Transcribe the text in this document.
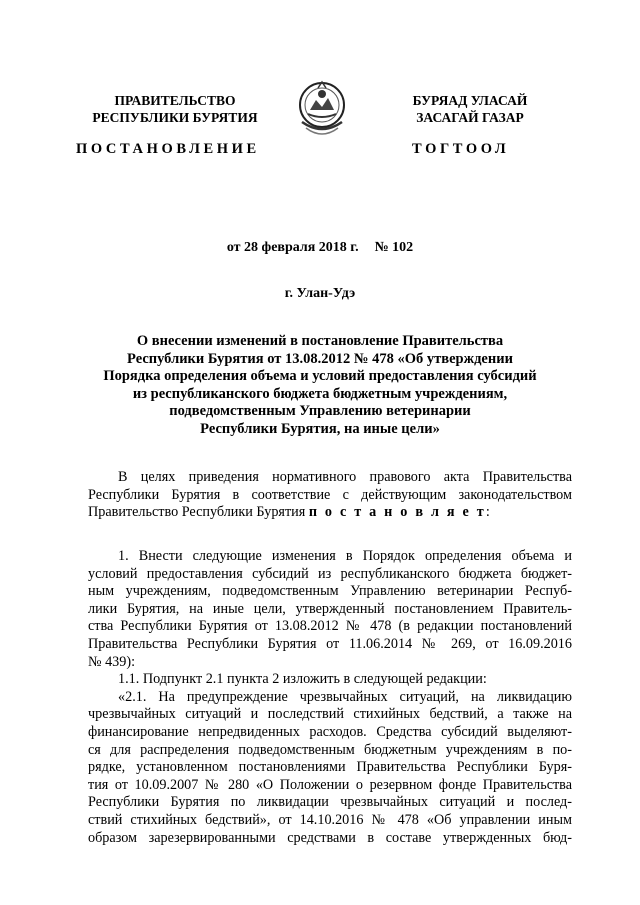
ПРАВИТЕЛЬСТВО
РЕСПУБЛИКИ БУРЯТИЯ
БУРЯАД УЛАСАЙ
ЗАСАГАЙ ГАЗАР
ПОСТАНОВЛЕНИЕ	ТОГТООЛ
от 28 февраля 2018 г. № 102
г. Улан-Удэ
О внесении изменений в постановление Правительства
Республики Бурятия от 13.08.2012 № 478 «Об утверждении
Порядка определения объема и условий предоставления субсидий
из республиканского бюджета бюджетным учреждениям,
подведомственным Управлению ветеринарии
Республики Бурятия, на иные цели»
В целях приведения нормативного правового акта Правительства
Республики Бурятия в соответствие с действующим законодательством
Правительство Республики Бурятия п о с т а н о в л я е т:
1. Внести следующие изменения в Порядок определения объема и
условий предоставления субсидий из республиканского бюджета бюджет-
ным учреждениям, подведомственным Управлению ветеринарии Респуб-
лики Бурятия, на иные цели, утвержденный постановлением Правитель-
ства Республики Бурятия от 13.08.2012 № 478 (в редакции постановлений
Правительства Республики Бурятия от 11.06.2014 № 269, от 16.09.2016
№ 439):
1.1. Подпункт 2.1 пункта 2 изложить в следующей редакции:
«2.1. На предупреждение чрезвычайных ситуаций, на ликвидацию
чрезвычайных ситуаций и последствий стихийных бедствий, а также на
финансирование непредвиденных расходов. Средства субсидий выделяют-
ся для распределения подведомственным бюджетным учреждениям в по-
рядке, установленном постановлениями Правительства Республики Буря-
тия от 10.09.2007 № 280 «О Положении о резервном фонде Правительства
Республики Бурятия по ликвидации чрезвычайных ситуаций и послед-
ствий стихийных бедствий», от 14.10.2016 № 478 «Об управлении иным
образом зарезервированными средствами в составе утвержденных бюд-
